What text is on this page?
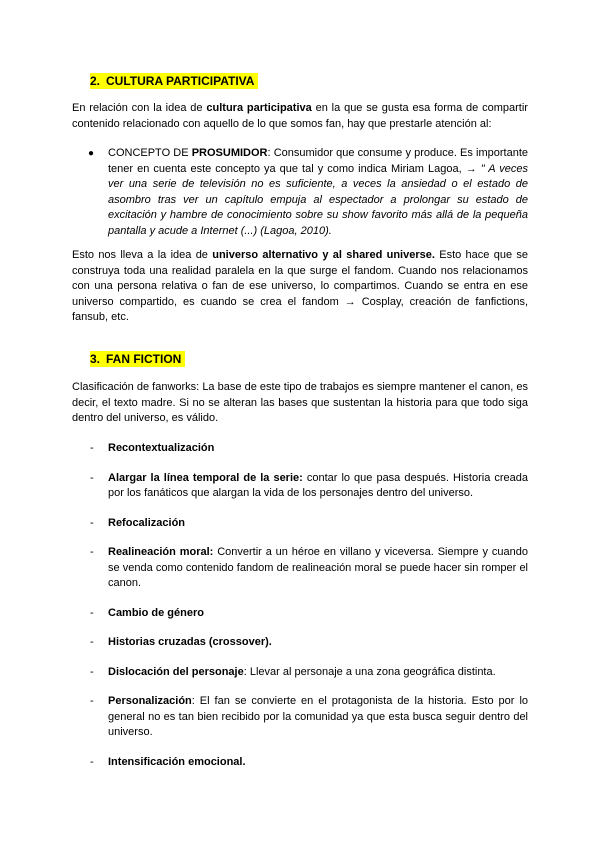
2. CULTURA PARTICIPATIVA
En relación con la idea de cultura participativa en la que se gusta esa forma de compartir contenido relacionado con aquello de lo que somos fan, hay que prestarle atención al:
●	CONCEPTO DE PROSUMIDOR: Consumidor que consume y produce. Es importante tener en cuenta este concepto ya que tal y como indica Miriam Lagoa, → " A veces ver una serie de televisión no es suficiente, a veces la ansiedad o el estado de asombro tras ver un capítulo empuja al espectador a prolongar su estado de excitación y hambre de conocimiento sobre su show favorito más allá de la pequeña pantalla y acude a Internet (...) (Lagoa, 2010).
Esto nos lleva a la idea de universo alternativo y al shared universe. Esto hace que se construya toda una realidad paralela en la que surge el fandom. Cuando nos relacionamos con una persona relativa o fan de ese universo, lo compartimos. Cuando se entra en ese universo compartido, es cuando se crea el fandom → Cosplay, creación de fanfictions, fansub, etc.
3. FAN FICTION
Clasificación de fanworks: La base de este tipo de trabajos es siempre mantener el canon, es decir, el texto madre. Si no se alteran las bases que sustentan la historia para que todo siga dentro del universo, es válido.
- Recontextualización
- Alargar la línea temporal de la serie: contar lo que pasa después. Historia creada por los fanáticos que alargan la vida de los personajes dentro del universo.
- Refocalización
- Realineación moral: Convertir a un héroe en villano y viceversa. Siempre y cuando se venda como contenido fandom de realineación moral se puede hacer sin romper el canon.
- Cambio de género
- Historias cruzadas (crossover).
- Dislocación del personaje: Llevar al personaje a una zona geográfica distinta.
- Personalización: El fan se convierte en el protagonista de la historia. Esto por lo general no es tan bien recibido por la comunidad ya que esta busca seguir dentro del universo.
- Intensificación emocional.
